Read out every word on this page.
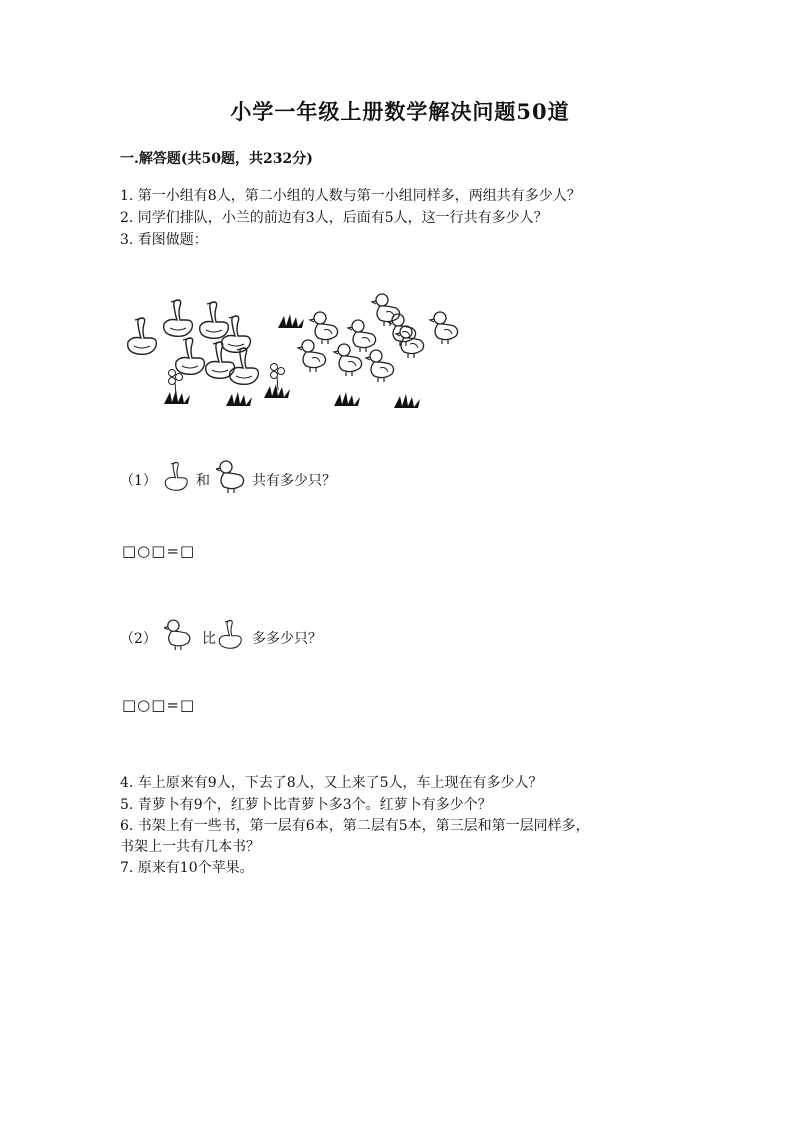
小学一年级上册数学解决问题50道
一.解答题(共50题，共232分)
1. 第一小组有8人，第二小组的人数与第一小组同样多，两组共有多少人？
2. 同学们排队，小兰的前边有3人，后面有5人，这一行共有多少人？
3. 看图做题：
（1）	和	共有多少只？
□○□=□
（2）	比	多多少只？
□○□=□
4. 车上原来有9人，下去了8人，又上来了5人，车上现在有多少人？
5. 青萝卜有9个，红萝卜比青萝卜多3个。红萝卜有多少个？
6. 书架上有一些书，第一层有6本，第二层有5本，第三层和第一层同样多，
书架上一共有几本书？
7. 原来有10个苹果。
